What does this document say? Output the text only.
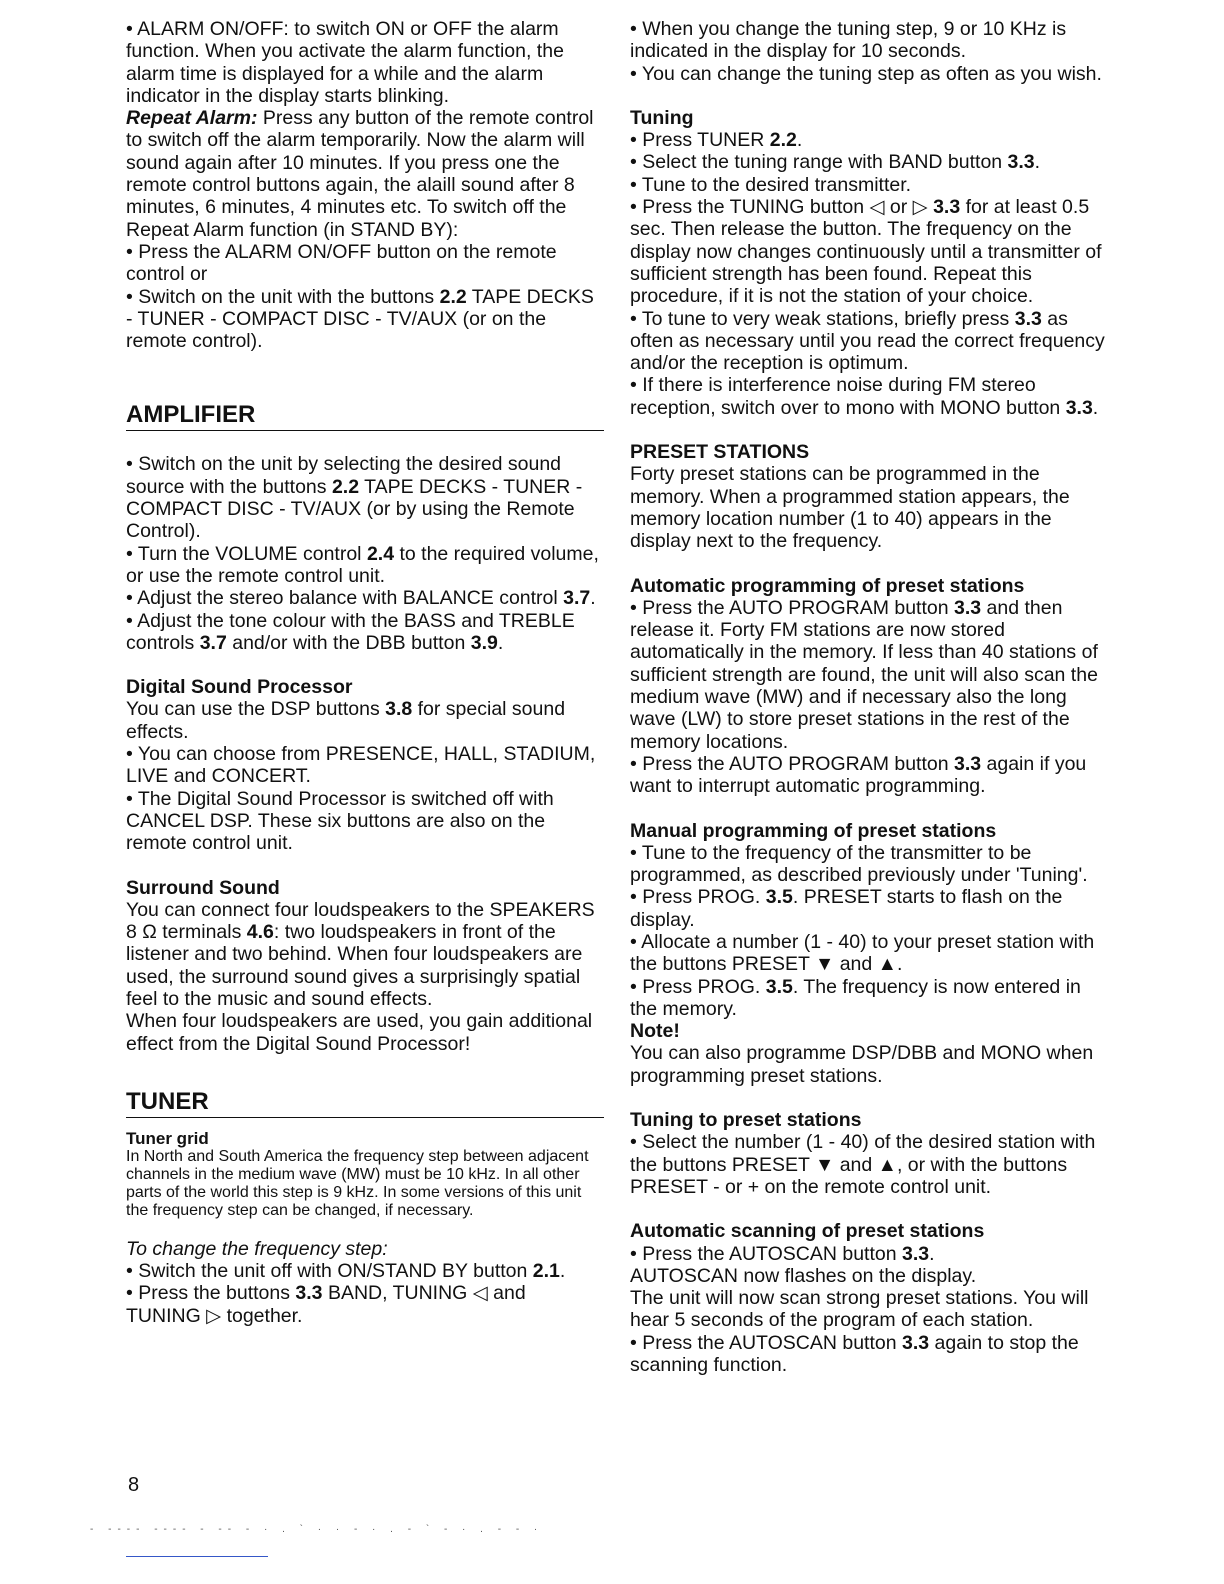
• ALARM ON/OFF: to switch ON or OFF the alarm function. When you activate the alarm function, the alarm time is displayed for a while and the alarm indicator in the display starts blinking.

Repeat Alarm: Press any button of the remote control to switch off the alarm temporarily. Now the alarm will sound again after 10 minutes. If you press one the remote control buttons again, the alaill sound after 8 minutes, 6 minutes, 4 minutes etc. To switch off the Repeat Alarm function (in STAND BY):

• Press the ALARM ON/OFF button on the remote control or

• Switch on the unit with the buttons 2.2 TAPE DECKS - TUNER - COMPACT DISC - TV/AUX (or on the remote control).

AMPLIFIER

• Switch on the unit by selecting the desired sound source with the buttons 2.2 TAPE DECKS - TUNER - COMPACT DISC - TV/AUX (or by using the Remote Control).

• Turn the VOLUME control 2.4 to the required volume, or use the remote control unit.

• Adjust the stereo balance with BALANCE control 3.7.

• Adjust the tone colour with the BASS and TREBLE controls 3.7 and/or with the DBB button 3.9.

Digital Sound Processor

You can use the DSP buttons 3.8 for special sound effects.

• You can choose from PRESENCE, HALL, STADIUM, LIVE and CONCERT.

• The Digital Sound Processor is switched off with CANCEL DSP. These six buttons are also on the remote control unit.

Surround Sound

You can connect four loudspeakers to the SPEAKERS 8 Ω terminals 4.6: two loudspeakers in front of the listener and two behind. When four loudspeakers are used, the surround sound gives a surprisingly spatial feel to the music and sound effects.

When four loudspeakers are used, you gain additional effect from the Digital Sound Processor!

TUNER

Tuner grid

In North and South America the frequency step between adjacent channels in the medium wave (MW) must be 10 kHz. In all other parts of the world this step is 9 kHz. In some versions of this unit the frequency step can be changed, if necessary.

To change the frequency step:

• Switch the unit off with ON/STAND BY button 2.1.

• Press the buttons 3.3 BAND, TUNING ◁ and TUNING ▷ together.

• When you change the tuning step, 9 or 10 KHz is indicated in the display for 10 seconds.

• You can change the tuning step as often as you wish.

Tuning

• Press TUNER 2.2.

• Select the tuning range with BAND button 3.3.

• Tune to the desired transmitter.

• Press the TUNING button ◁ or ▷ 3.3 for at least 0.5 sec. Then release the button. The frequency on the display now changes continuously until a transmitter of sufficient strength has been found. Repeat this procedure, if it is not the station of your choice.

• To tune to very weak stations, briefly press 3.3 as often as necessary until you read the correct frequency and/or the reception is optimum.

• If there is interference noise during FM stereo reception, switch over to mono with MONO button 3.3.

PRESET STATIONS

Forty preset stations can be programmed in the memory. When a programmed station appears, the memory location number (1 to 40) appears in the display next to the frequency.

Automatic programming of preset stations

• Press the AUTO PROGRAM button 3.3 and then release it. Forty FM stations are now stored automatically in the memory. If less than 40 stations of sufficient strength are found, the unit will also scan the medium wave (MW) and if necessary also the long wave (LW) to store preset stations in the rest of the memory locations.

• Press the AUTO PROGRAM button 3.3 again if you want to interrupt automatic programming.

Manual programming of preset stations

• Tune to the frequency of the transmitter to be programmed, as described previously under 'Tuning'.

• Press PROG. 3.5. PRESET starts to flash on the display.

• Allocate a number (1 - 40) to your preset station with the buttons PRESET ▼ and ▲.

• Press PROG. 3.5. The frequency is now entered in the memory.

Note!

You can also programme DSP/DBB and MONO when programming preset stations.

Tuning to preset stations

• Select the number (1 - 40) of the desired station with the buttons PRESET ▼ and ▲, or with the buttons PRESET - or + on the remote control unit.

Automatic scanning of preset stations

• Press the AUTOSCAN button 3.3.

AUTOSCAN now flashes on the display.

The unit will now scan strong preset stations. You will hear 5 seconds of the program of each station.

• Press the AUTOSCAN button 3.3 again to stop the scanning function.

8
- ---- ---- - -- - · . ` · · - · . - ` - · . - - ·
